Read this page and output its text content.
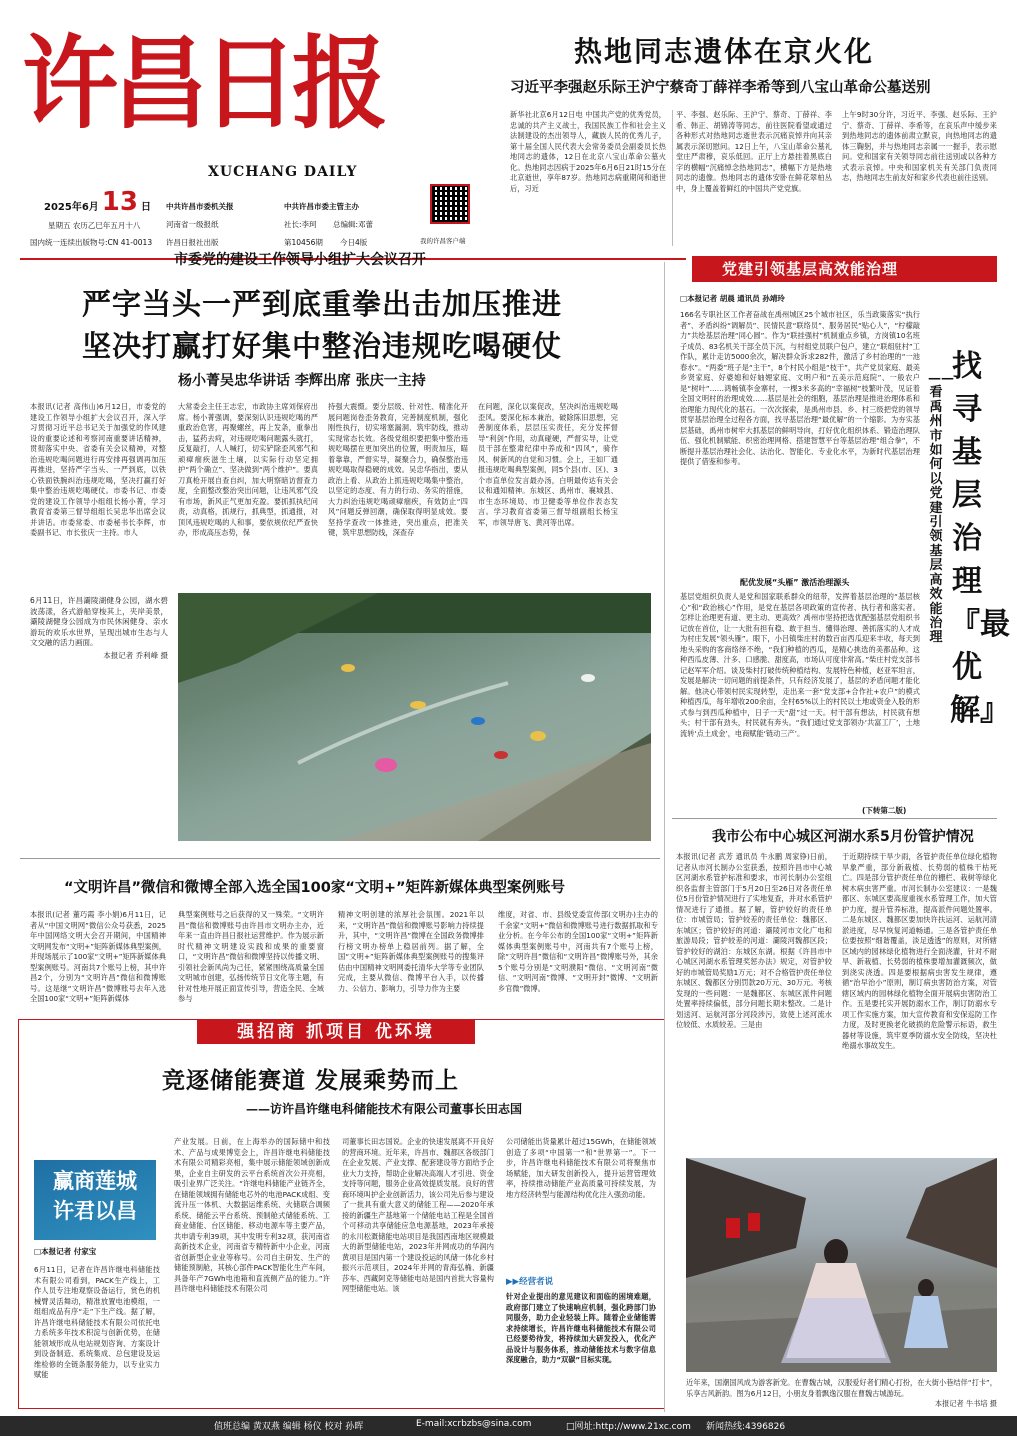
许昌日报
XUCHANG DAILY
2025年6月 13 日
星期五 农历乙巳年五月十八
国内统一连续出版物号:CN 41-0013
中共许昌市委机关报	中共许昌市委主管主办
河南省一级报纸	社长:李珂 总编辑:邓蕾
许昌日报社出版	第10456期 今日4版	我的许昌客户端
热地同志遗体在京火化
习近平李强赵乐际王沪宁蔡奇丁薛祥李希等到八宝山革命公墓送别
新华社北京6月12日电 中国共产党的优秀党员，忠诚的共产主义战士，我国民族工作和社会主义法制建设的杰出领导人，藏族人民的优秀儿子，第十届全国人民代表大会常务委员会副委员长热地同志的遗体，12日在北京八宝山革命公墓火化。热地同志因病于2025年6月6日21时15分在北京逝世，享年87岁。热地同志病重期间和逝世后，习近
平、李强、赵乐际、王沪宁、蔡奇、丁薛祥、李希、韩正、胡锦涛等同志，前往医院看望或通过各种形式对热地同志逝世表示沉痛哀悼并向其亲属表示深切慰问。12日上午，八宝山革命公墓礼堂庄严肃穆，哀乐低回。正厅上方悬挂着黑底白字的横幅“沉痛悼念热地同志”，横幅下方是热地同志的遗像。热地同志的遗体安卧在鲜花翠柏丛中，身上覆盖着鲜红的中国共产党党旗。
上午9时30分许，习近平、李强、赵乐际、王沪宁、蔡奇、丁薛祥、李希等，在哀乐声中缓步来到热地同志的遗体前肃立默哀，向热地同志的遗体三鞠躬，并与热地同志亲属一一握手，表示慰问。党和国家有关领导同志前往送别或以各种方式表示哀悼。中央和国家机关有关部门负责同志，热地同志生前友好和家乡代表也前往送别。
市委党的建设工作领导小组扩大会议召开
严字当头一严到底重拳出击加压推进
坚决打赢打好集中整治违规吃喝硬仗
杨小菁吴忠华讲话 李辉出席 张庆一主持
本报讯(记者 高伟山)6月12日，市委党的建设工作领导小组扩大会议召开，深入学习贯彻习近平总书记关于加强党的作风建设的重要论述和考察河南重要讲话精神，贯彻落实中央、省委有关会议精神，对整治违规吃喝问题进行再安排再强调再加压再推进，坚持严字当头、一严到底，以铁心铁面铁腕纠治违规吃喝，坚决打赢打好集中整治违规吃喝硬仗。市委书记、市委党的建设工作领导小组组长杨小菁，学习教育省委第三督导组组长吴忠华出席会议并讲话。市委常委、市委秘书长李辉，市委副书记、市长张庆一主持。市人
大常委会主任王志宏，市政协主席刘保府出席。杨小菁强调，要深刻认识违规吃喝的严重政治危害，再聚螺丝，再上发条，重拳出击，猛药去疴，对违规吃喝问题露头就打，反复敲打，人人喊打，切实铲除歪风邪气和顽瘴痼疾滋生土壤，以实际行动坚定拥护“两个确立”、坚决做到“两个维护”。要真刀真枪开展自查自纠，加大明察暗访督查力度，全面整改整治突出问题，让违风邪气没有市场，新风正气更加充盈。要抓抓执纪问责，动真格，抓规行，抓典型，抓通报，对顶风违规吃喝的人和事，要依规依纪严查快办，形成高压态势，保
持强大震慑。要分层级、针对性、精准化开展问题岗卷歪务教育，完善制度机制，强化刚性执行，切实堵塞漏洞、筑牢防线，推动实现常态长效。各级党组织要把集中整治违规吃喝摆在更加突出的位置，明责加压，瞄着靠靠，严督实导，凝聚合力，确保整治违规吃喝取得稳硬的成效。吴忠华指出，要从政治上看、从政治上抓违规吃喝集中整治，以坚定的态度、有力的行动、务实的措施，大力纠治违规吃喝顽瘴痼疾，有效防止“四风”问题反弹回潮，确保取得明显成效。要坚持学查改一体推进，突出重点，把准关键，筑牢思想防线，深查存
在问题，深化以案促改，坚决纠治违规吃喝歪风。要深化标本兼治，破除陈旧思想，完善制度体系，层层压实责任，充分发挥督导“利剑”作用，动真碰硬，严督实导，让党员干部在整肃纪律中养成和“四风”，骑作风、树新风的自觉和习惯。会上，王如厂通报违规吃喝典型案例，同5个县(市、区)、3个市直单位发言最办汤，白明最传达有关会议和通知精神。东城区、禹州市、襄城县、市生态环境局、市卫健委等单位作表态发言。学习教育省委第三督导组副组长杨宝军，市领导唐飞、黄河等出席。
6月11日，许昌灞陵湖健身公园，湖水碧波荡漾，各式游船穿梭其上，夹岸美景，灞陵湖健身公园成为市民休闲健身、亲水游玩的欢乐水世界，呈现出城市生态与人文交融的活力画面。
本报记者 乔利峰 摄
党建引领基层高效能治理
□本报记者 胡晨 通讯员 孙靖玲
166名专职社区工作者奋战在禹州城区25个城市社区，乐当政策落实“执行者”、矛盾纠纷“调解员”、民情民意“联络员”、服务居民“贴心人”，“柠檬敲力”共绘基层治理“同心圆”。作为“联挂强村”机制重点乡镇，方岗镇10名班子成员、83名机关干部全员下沉，与村组党员联户包户，建立“联组驻村”工作队，累计走访5000余次，解决群众诉求282件，激活了乡村治理的“一池春水”。“两委”班子是“主干”，8个村民小组是“枝干”，共产党员家庭、最美乡贤家庭、好婆媳和好妯娌家庭、文明户和“五美示范庭院”、一般农户是“树叶”……鸿畅镇李金寨村，一棵3米多高的“幸福树”枝繁叶茂，见证着全国文明村的治理成效……基层是社会的细胞，基层治理是推进治理体系和治理能力现代化的基石。一次次探索，是禹州市县、乡、村三级把党的领导贯穿基层治理全过程各方面，找寻基层治理“最优解”的一个缩影。为夯实基层基础，禹州市树牢大抓基层的鲜明导向，打好优化组织体系、锻造治理队伍、强化机制赋能、织密治理网格、搭建智慧平台等基层治理“组合拳”，不断提升基层治理社会化、法治化、智能化、专业化水平，为新时代基层治理提供了借鉴和参考。
配优发展“头雁” 激活治理源头
基层党组织负责人是党和国家联系群众的纽带，发挥着基层治理的“基层核心”和“政治核心”作用，是党在基层各项政策的宣传者、执行者和落实者。怎样让治理更有道、更主动、更高效？禹州市坚持把选优配强基层党组织书记放在首位，让一大批有担有稳、敢于担当、懂得治理、善抓落实的人才成为村庄发展“领头雁”。眼下，小吕镇柴庄村的数百亩西瓜迎来丰收，每天到地头采购的客商络绎不绝，“我们种植的西瓜，是精心挑选的美都品种。这种西瓜皮薄、汁多、口感脆、甜度高，市场认可度非常高。”柴庄村党支部书记赵军军介绍。谈及柴村打破传统种植结构、发展特色种植，赵亚军坦言，发展是解决一切问题的前提条件，只有经济发展了，基层的矛盾问题才能化解。他决心带领村民实现转型，走出来一套“党支部+合作社+农户”的模式种植西瓜，每年增收200余亩，全村65%以上的村民以土地或资金入股的形式参与到西瓜种植中，日子一天“甜”过一天。村干部有想法，村民就有想头；村干部有劲头，村民就有奔头。“我们通过党支部领办‘共富工厂’，土地流转‘点土成金’，电商赋能‘链动三产’。
(下转第二版)
找寻基层治理『最优解』
——看禹州市如何以党建引领基层高效能治理
我市公布中心城区河湖水系5月份管护情况
本报讯(记者 武芳 通讯员 牛永鹏 周家铮)日前，记者从市河长制办公室获悉，按照许昌市中心城区河湖水系管护标准和要求，市河长制办公室组织各监督主管部门于5月20日至26日对各责任单位5月份管护情况进行了实地复查，并对水系管护情况进行了通报。据了解，管护较好的责任单位：市城管局；管护较差的责任单位：魏都区、东城区；管护较好的河道：灞陵河市文化广电和旅游局段；管护较差的河道：灞陵河魏都区段；管护较好的湖泊：东城区东湖。根据《许昌市中心城区河湖水系管理奖惩办法》规定，对管护较好的市城管局奖励1万元；对不合格管护责任单位东城区、魏都区分别罚款20万元、30万元。考核发现的一些问题：一是魏都区、东城区派件问题处置率持续偏低，部分问题长期未整改。二是计划送河、运航河部分河段涉污，致使上述河流水位较低、水质较差。三是由
于近期持续干旱少雨，各管护责任单位绿化植物旱象严重，部分新栽植、长势弱的植株干枯死亡。四是部分管护责任单位的栅栏、栽树等绿化树木病虫害严重。市河长制办公室建议：一是魏都区、东城区要高度重视水系管理工作，加大管护力度，提升管养标准，提高派件问题处置率。二是东城区、魏都区要加快许扶运河、运航河清淤进度，尽早恢复河道畅通。三是各管护责任单位要按照“细谐覆盖，淡足透透”的原则，对所辖区域内的园林绿化植物进行全面浇灌，针对不耐旱、新栽植、长势弱的植株要增加灌溉频次，做到浇实浇透。四是要根据病虫害发生规律，遵循“治早治小”原则，制订病虫害防治方案，对管辖区域内的园林绿化植物全面开展病虫害防治工作。五是要托实开展防溺水工作，制订防溺水专项工作实施方案，加大宣传教育和安保巡防工作力度，及时更换老化破损的危险警示标语，救生器材等设施，筑牢夏季防溺水安全防线，坚决杜绝溺水事故发生。
“文明许昌”微信和微博全部入选全国100家“文明+”矩阵新媒体典型案例账号
本报讯(记者 董巧霞 李小娟)6月11日，记者从“中国文明网”微信公众号获悉，2025年中国网络文明大会召开期间，中国精神文明网发布“文明+”矩阵新媒体典型案例，并现场展示了100家“文明+”矩阵新媒体典型案例账号。河南共7个账号上榜，其中许昌2个，分别为“文明许昌”微信和微博账号。这是继“文明许昌”微博账号去年入选全国100家“文明+”矩阵新媒体
典型案例账号之后获得的又一殊荣。“文明许昌”微信和微博账号由许昌市文明办主办，近年来一直由许昌日报社运营维护。作为展示新时代精神文明建设实践和成果的重要窗口，“文明许昌”微信和微博坚持以传播文明、引领社会新风尚为己任，紧紧围绕高质量全国文明城市创建，弘扬传统节日文化等主题，有针对性地开展正面宣传引导，营造全民、全域参与
精神文明创建的浓厚社会氛围。2021年以来，“文明许昌”微信和微博账号影响力持续提升，其中，“文明许昌”微博在全国政务微博排行榜文明办榜单上稳居前列。据了解，全国“文明+”矩阵新媒体典型案例账号的搜集评估由中国精神文明网委托清华大学等专业团队完成，主要从微信、微博平台入手，以传播力、公信力、影响力，引导力作为主要
维度，对省、市、县级党委宣传部(文明办)主办的千余家“文明+”微信和微博账号进行数据抓取和专业分析。在今年公布的全国100家“文明+”矩阵新媒体典型案例账号中，河南共有7个账号上榜，除“文明许昌”微信和“文明许昌”微博账号外，其余5个账号分别是“文明濮阳”微信、“文明河南”微信、“文明河南”微博、“文明开封”微博、“文明新乡官微”微博。
强招商 抓项目 优环境
竞逐储能赛道 发展乘势而上
——访许昌许继电科储能技术有限公司董事长田志国
赢商莲城
许君以昌
□本报记者 付家宝
6月11日，记者在许昌许继电科储能技术有限公司看到，PACK生产线上，工作人员专注地观察设备运行，赏色的机械臂灵活舞动，精准放置电池模组，一组组成品有序“走”下生产线。据了解，许昌许继电科储能技术有限公司依托电力系统多年技术积淀与创新优势，在储能领域形成从电站规划咨询、方案设计到设备制造、系统集成、总包建设及运维检修的全链条服务能力，以专业实力赋能
产业发展。日前，在上海举办的国际储中和技术、产品与成果博览会上，许昌许继电科储能技术有限公司精彩亮相，集中展示储能领域创新成果，企业自主研发的云平台系统首次公开亮相，吸引业界广泛关注。“许继电科储能产业链齐全，在储能领域拥有储能电芯外的电池PACK成组、变流升压一体机、大数据运维系统、火储联合调频系统、储能云平台系统、预制舱式储能系统、工商业储能、台区储能、移动电源车等主要产品，共申请专利39项，其中发明专利32项，获河南省高新技术企业，河南省专精特新中小企业，河南省创新型企业业等称号。公司自主研发、生产的储能预制舱，其核心部件PACK智能化生产车间，具备年产7GWh电池箱和直流侧产品的能力。”许昌许继电科储能技术有限公司
司董事长田志国说。企业的快速发展离不开良好的营商环境。近年来，许昌市、魏都区各级部门在企业发展、产业支撑、配套建设等方面给予企业大力支持，帮助企业解决高端人才引进、资金支持等问题，服务企业高效提质发展。良好的营商环境叫护企业创新活力，该公司先后参与建设了一批具有重大意义的储能工程——2020年承接的新疆生产基地第一个储能电站工程是全国首个可移动共享储能应急电源基地，2023年承接的永川松溉储能电站项目是我国西南地区规模最大的新型储能电站，2023年并网成功的华润内黄项目是国内第一个建设投运的风储一体化乡村振兴示范项目，2024年并网的青海弘桷、新疆莎车、西藏阿克等储能电站是国内首批大容量构网型储能电站。该
公司储能出货量累计超过15GWh，在储能领域创造了多项“中国第一”和“世界第一”。下一步，许昌许继电科储能技术有限公司将聚焦市场赋能，加大研发创新投入，提升运营管理效率，持续推动储能产业高质量可持续发展，为地方经济转型与能源结构优化注入强劲动能。
▶▶经营者说
针对企业提出的意见建议和面临的困境难题，政府部门建立了快速响应机制，强化跨部门协同服务，助力企业轻装上阵。随着企业储能需求持续增长，许昌许继电科储能技术有限公司已经要势待发，将持续加大研发投入，优化产品设计与服务体系，推动储能技术与数字信息深度融合，助力“双碳”目标实现。
近年来，国潮国风成为游客新宠。在曹魏古城，汉服爱好者们精心打扮，在大街小巷结伴“打卡”，乐享古风新韵。图为6月12日，小朋友身着飘逸汉服在曹魏古城游玩。
本报记者 牛书培 摄
值班总编 黄双燕 编辑 杨仪 校对 孙晖	E-mail:xcrbzbs@sina.com	□网址:http://www.21xc.com 新闻热线:4396826
